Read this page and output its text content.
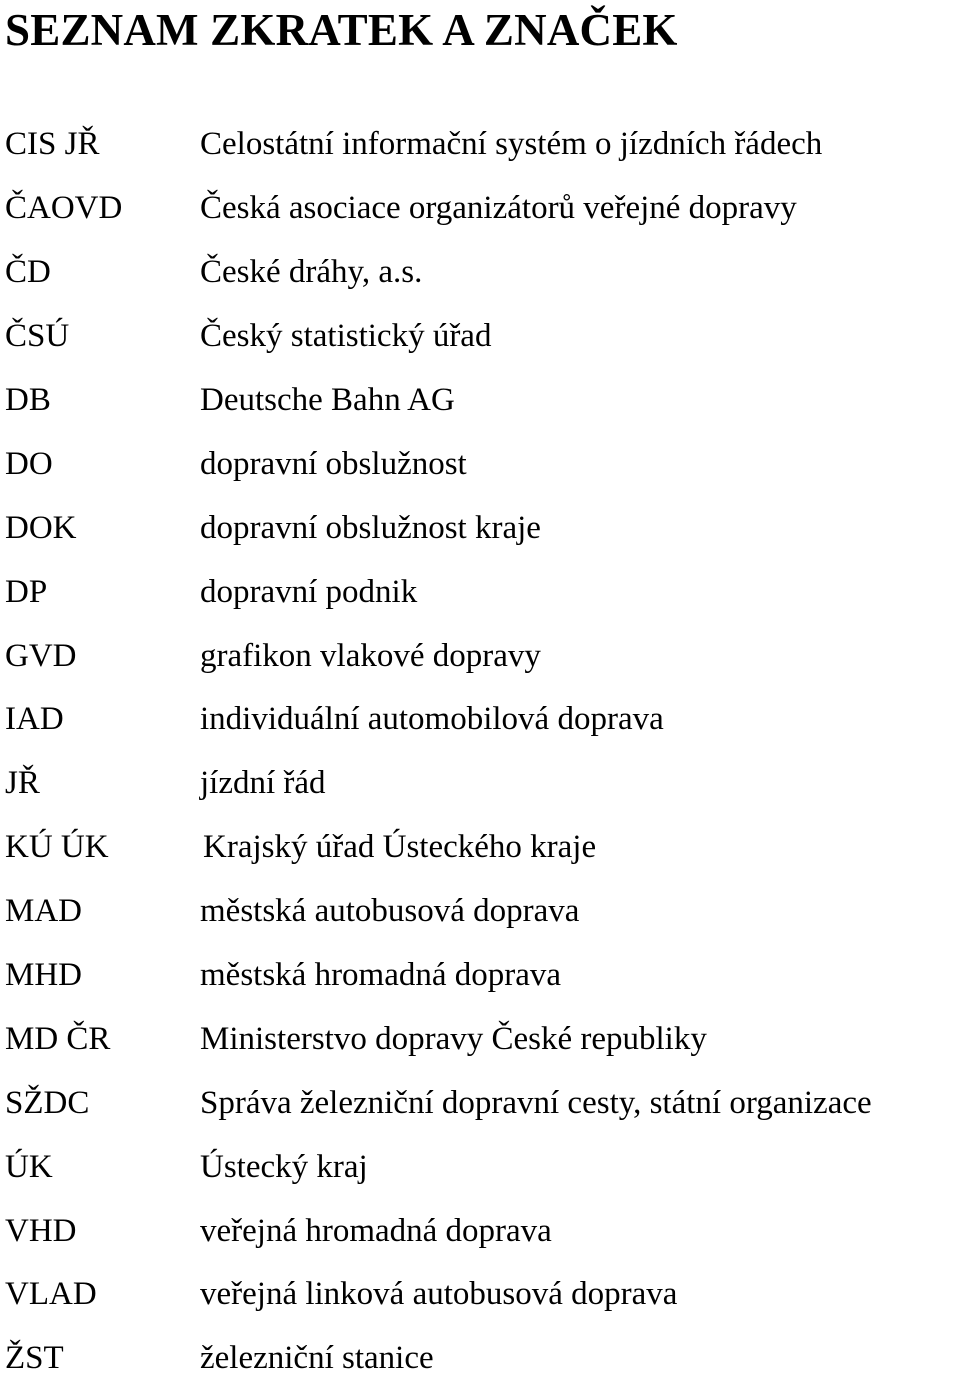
SEZNAM ZKRATEK A ZNAČEK
CIS JŘ	Celostátní informační systém o jízdních řádech
ČAOVD	Česká asociace organizátorů veřejné dopravy
ČD	České dráhy, a.s.
ČSÚ	Český statistický úřad
DB	Deutsche Bahn AG
DO	dopravní obslužnost
DOK	dopravní obslužnost kraje
DP	dopravní podnik
GVD	grafikon vlakové dopravy
IAD	individuální automobilová doprava
JŘ	jízdní řád
KÚ ÚK	Krajský úřad Ústeckého kraje
MAD	městská autobusová doprava
MHD	městská hromadná doprava
MD ČR	Ministerstvo dopravy České republiky
SŽDC	Správa železniční dopravní cesty, státní organizace
ÚK	Ústecký kraj
VHD	veřejná hromadná doprava
VLAD	veřejná linková autobusová doprava
ŽST	železniční stanice
